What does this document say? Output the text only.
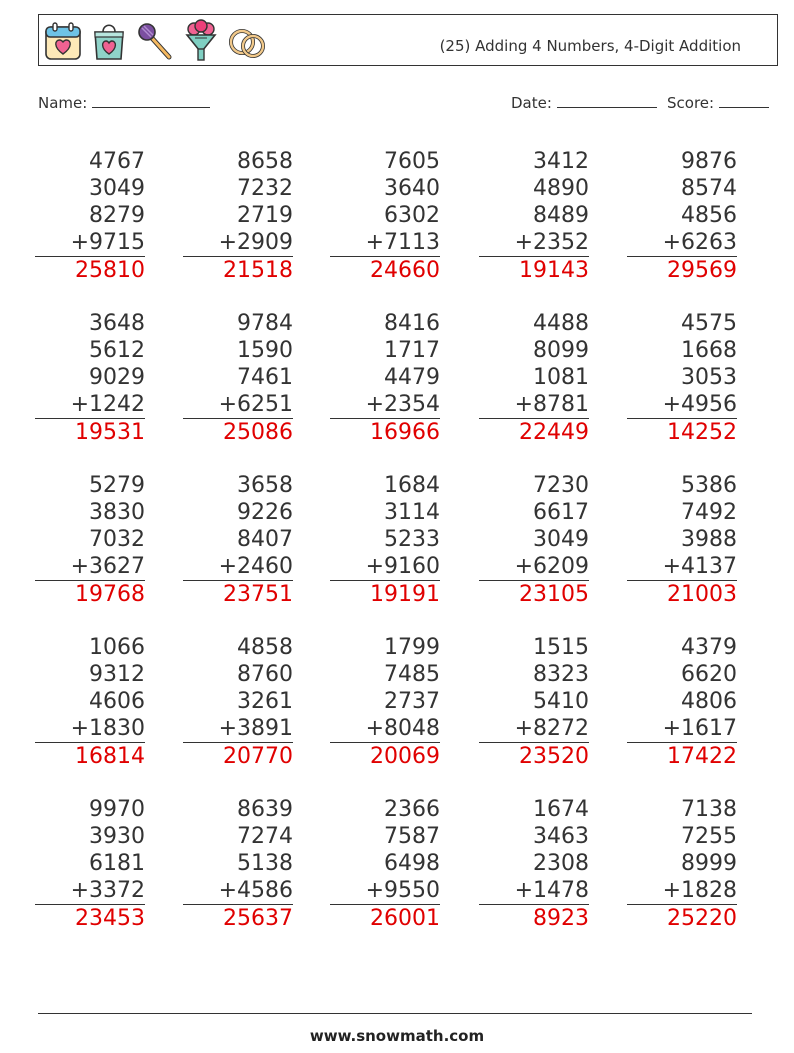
(25) Adding 4 Numbers, 4-Digit Addition
Name:	Date:	Score:
4767
3049
8279
+9715
25810
8658
7232
2719
+2909
21518
7605
3640
6302
+7113
24660
3412
4890
8489
+2352
19143
9876
8574
4856
+6263
29569
3648
5612
9029
+1242
19531
9784
1590
7461
+6251
25086
8416
1717
4479
+2354
16966
4488
8099
1081
+8781
22449
4575
1668
3053
+4956
14252
5279
3830
7032
+3627
19768
3658
9226
8407
+2460
23751
1684
3114
5233
+9160
19191
7230
6617
3049
+6209
23105
5386
7492
3988
+4137
21003
1066
9312
4606
+1830
16814
4858
8760
3261
+3891
20770
1799
7485
2737
+8048
20069
1515
8323
5410
+8272
23520
4379
6620
4806
+1617
17422
9970
3930
6181
+3372
23453
8639
7274
5138
+4586
25637
2366
7587
6498
+9550
26001
1674
3463
2308
+1478
8923
7138
7255
8999
+1828
25220
www.snowmath.com
